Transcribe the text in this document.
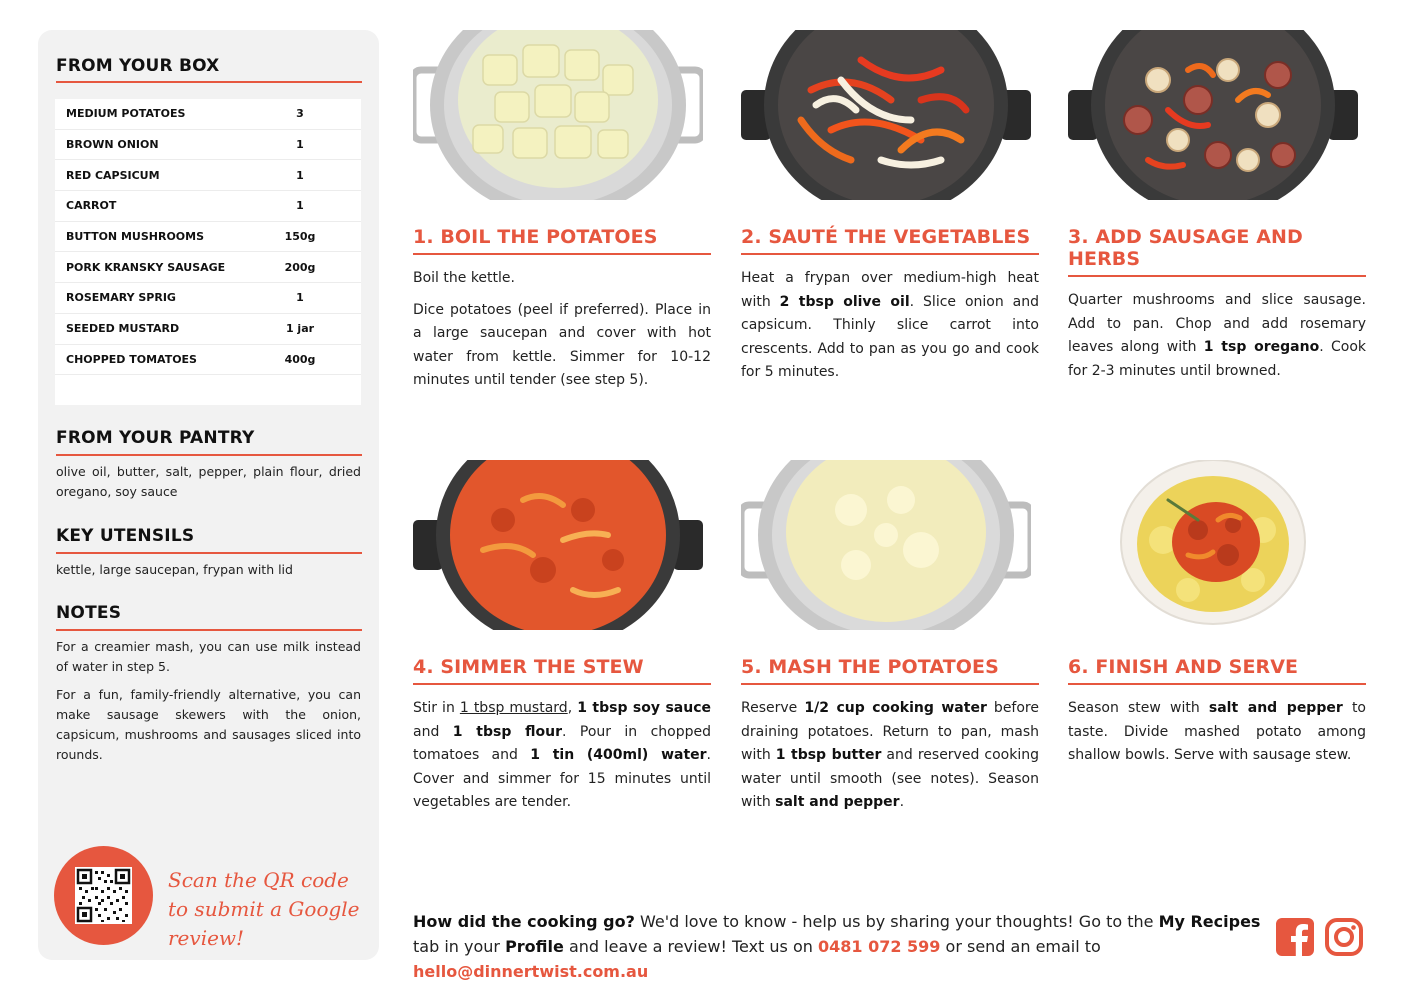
FROM YOUR BOX
MEDIUM POTATOES	3
BROWN ONION	1
RED CAPSICUM	1
CARROT	1
BUTTON MUSHROOMS	150g
PORK KRANSKY SAUSAGE	200g
ROSEMARY SPRIG	1
SEEDED MUSTARD	1 jar
CHOPPED TOMATOES	400g
FROM YOUR PANTRY
olive oil, butter, salt, pepper, plain flour, dried oregano, soy sauce
KEY UTENSILS
kettle, large saucepan, frypan with lid
NOTES
For a creamier mash, you can use milk instead of water in step 5.
For a fun, family-friendly alternative, you can make sausage skewers with the onion, capsicum, mushrooms and sausages sliced into rounds.
Scan the QR code to submit a Google review!
1. BOIL THE POTATOES
Boil the kettle.
Dice potatoes (peel if preferred). Place in a large saucepan and cover with hot water from kettle. Simmer for 10-12 minutes until tender (see step 5).
2. SAUTÉ THE VEGETABLES
Heat a frypan over medium-high heat with 2 tbsp olive oil. Slice onion and capsicum. Thinly slice carrot into crescents. Add to pan as you go and cook for 5 minutes.
3. ADD SAUSAGE AND HERBS
Quarter mushrooms and slice sausage. Add to pan. Chop and add rosemary leaves along with 1 tsp oregano. Cook for 2-3 minutes until browned.
4. SIMMER THE STEW
Stir in 1 tbsp mustard, 1 tbsp soy sauce and 1 tbsp flour. Pour in chopped tomatoes and 1 tin (400ml) water. Cover and simmer for 15 minutes until vegetables are tender.
5. MASH THE POTATOES
Reserve 1/2 cup cooking water before draining potatoes. Return to pan, mash with 1 tbsp butter and reserved cooking water until smooth (see notes). Season with salt and pepper.
6. FINISH AND SERVE
Season stew with salt and pepper to taste. Divide mashed potato among shallow bowls. Serve with sausage stew.
How did the cooking go? We'd love to know - help us by sharing your thoughts! Go to the My Recipes tab in your Profile and leave a review! Text us on 0481 072 599 or send an email to hello@dinnertwist.com.au
